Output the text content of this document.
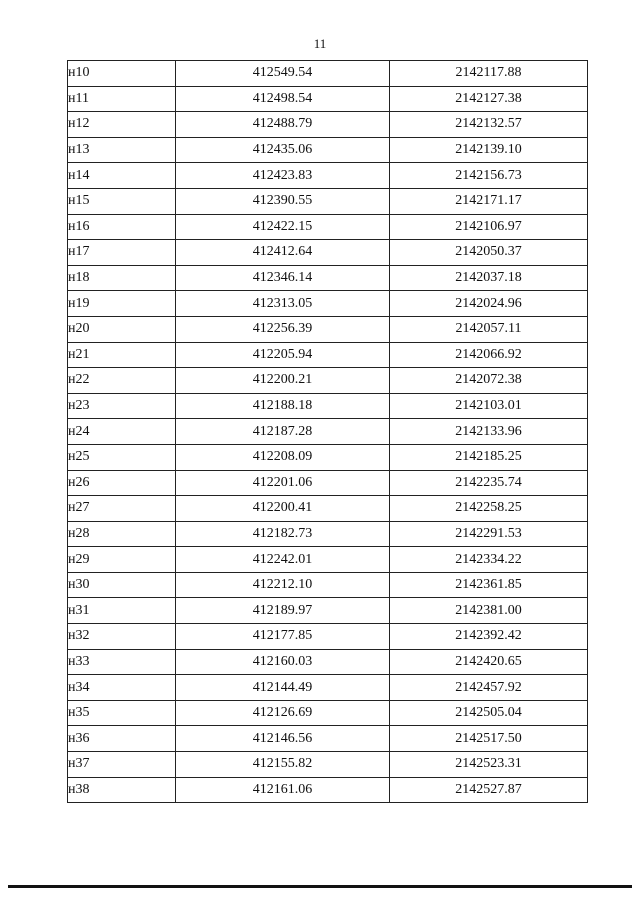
11
н10	412549.54	2142117.88
н11	412498.54	2142127.38
н12	412488.79	2142132.57
н13	412435.06	2142139.10
н14	412423.83	2142156.73
н15	412390.55	2142171.17
н16	412422.15	2142106.97
н17	412412.64	2142050.37
н18	412346.14	2142037.18
н19	412313.05	2142024.96
н20	412256.39	2142057.11
н21	412205.94	2142066.92
н22	412200.21	2142072.38
н23	412188.18	2142103.01
н24	412187.28	2142133.96
н25	412208.09	2142185.25
н26	412201.06	2142235.74
н27	412200.41	2142258.25
н28	412182.73	2142291.53
н29	412242.01	2142334.22
н30	412212.10	2142361.85
н31	412189.97	2142381.00
н32	412177.85	2142392.42
н33	412160.03	2142420.65
н34	412144.49	2142457.92
н35	412126.69	2142505.04
н36	412146.56	2142517.50
н37	412155.82	2142523.31
н38	412161.06	2142527.87
